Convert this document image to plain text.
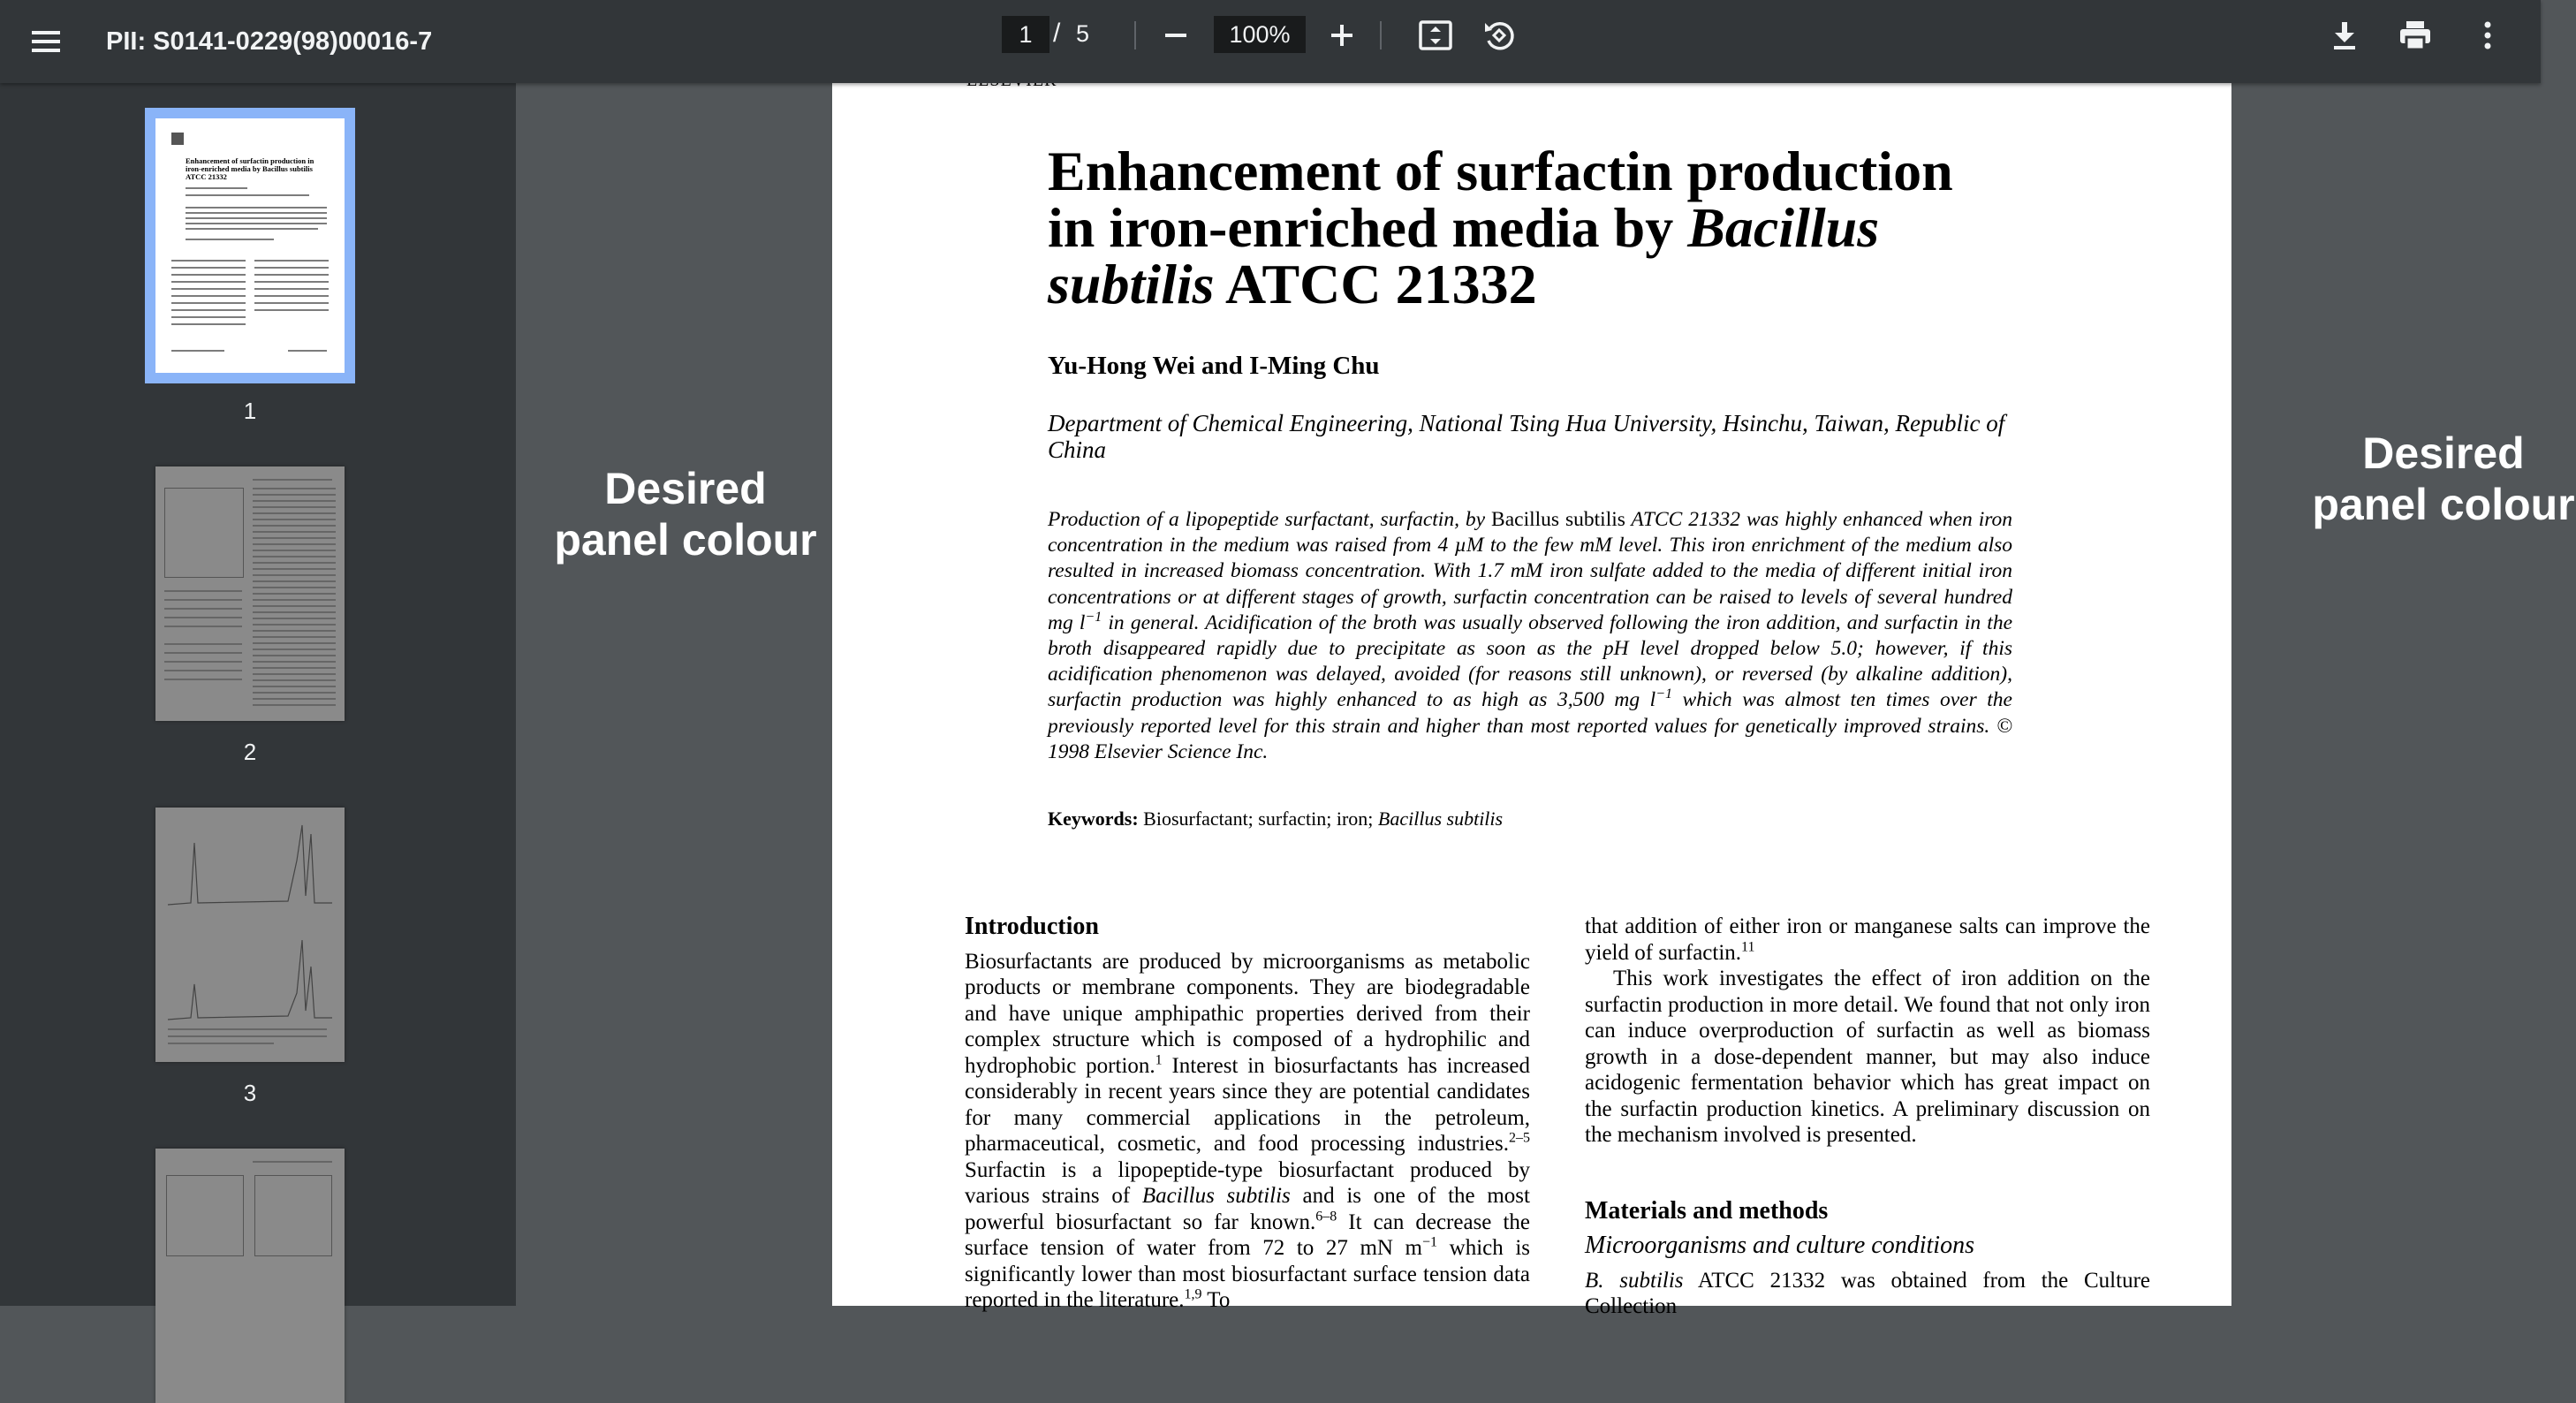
PII: S0141-0229(98)00016-7
1	/ 5
100%
Enhancement of surfactin production in iron-enriched media by Bacillus subtilis ATCC 21332
1
2
3
Desired panel colour
Desired panel colour
Enhancement of surfactin production
in iron-enriched media by Bacillus
subtilis ATCC 21332
Yu-Hong Wei and I-Ming Chu
Department of Chemical Engineering, National Tsing Hua University, Hsinchu, Taiwan, Republic of China
Production of a lipopeptide surfactant, surfactin, by Bacillus subtilis ATCC 21332 was highly enhanced when iron concentration in the medium was raised from 4 µM to the few mM level. This iron enrichment of the medium also resulted in increased biomass concentration. With 1.7 mM iron sulfate added to the media of different initial iron concentrations or at different stages of growth, surfactin concentration can be raised to levels of several hundred mg $l^{-1}$ in general. Acidification of the broth was usually observed following the iron addition, and surfactin in the broth disappeared rapidly due to precipitate as soon as the pH level dropped below 5.0; however, if this acidification phenomenon was delayed, avoided (for reasons still unknown), or reversed (by alkaline addition), surfactin production was highly enhanced to as high as 3,500 mg $l^{-1}$ which was almost ten times over the previously reported level for this strain and higher than most reported values for genetically improved strains. © 1998 Elsevier Science Inc.
Keywords: Biosurfactant; surfactin; iron; Bacillus subtilis
Introduction

Biosurfactants are produced by microorganisms as metabolic products or membrane components. They are biodegradable and have unique amphipathic properties derived from their complex structure which is composed of a hydrophilic and hydrophobic portion.$^1$ Interest in biosurfactants has increased considerably in recent years since they are potential candidates for many commercial applications in the petroleum, pharmaceutical, cosmetic, and food processing industries.$^{2-5}$ Surfactin is a lipopeptide-type biosurfactant produced by various strains of Bacillus subtilis and is one of the most powerful biosurfactant so far known.$^{6-8}$ It can decrease the surface tension of water from 72 to 27 mN $m^{-1}$ which is significantly lower than most biosurfactant surface tension data reported in the literature.$^{1,9}$ To

that addition of either iron or manganese salts can improve the yield of surfactin.$^{11}$

This work investigates the effect of iron addition on the surfactin production in more detail. We found that not only iron can induce overproduction of surfactin as well as biomass growth in a dose-dependent manner, but may also induce acidogenic fermentation behavior which has great impact on the surfactin production kinetics. A preliminary discussion on the mechanism involved is presented.

Materials and methods
Microorganisms and culture conditions

B. subtilis ATCC 21332 was obtained from the Culture Collection
